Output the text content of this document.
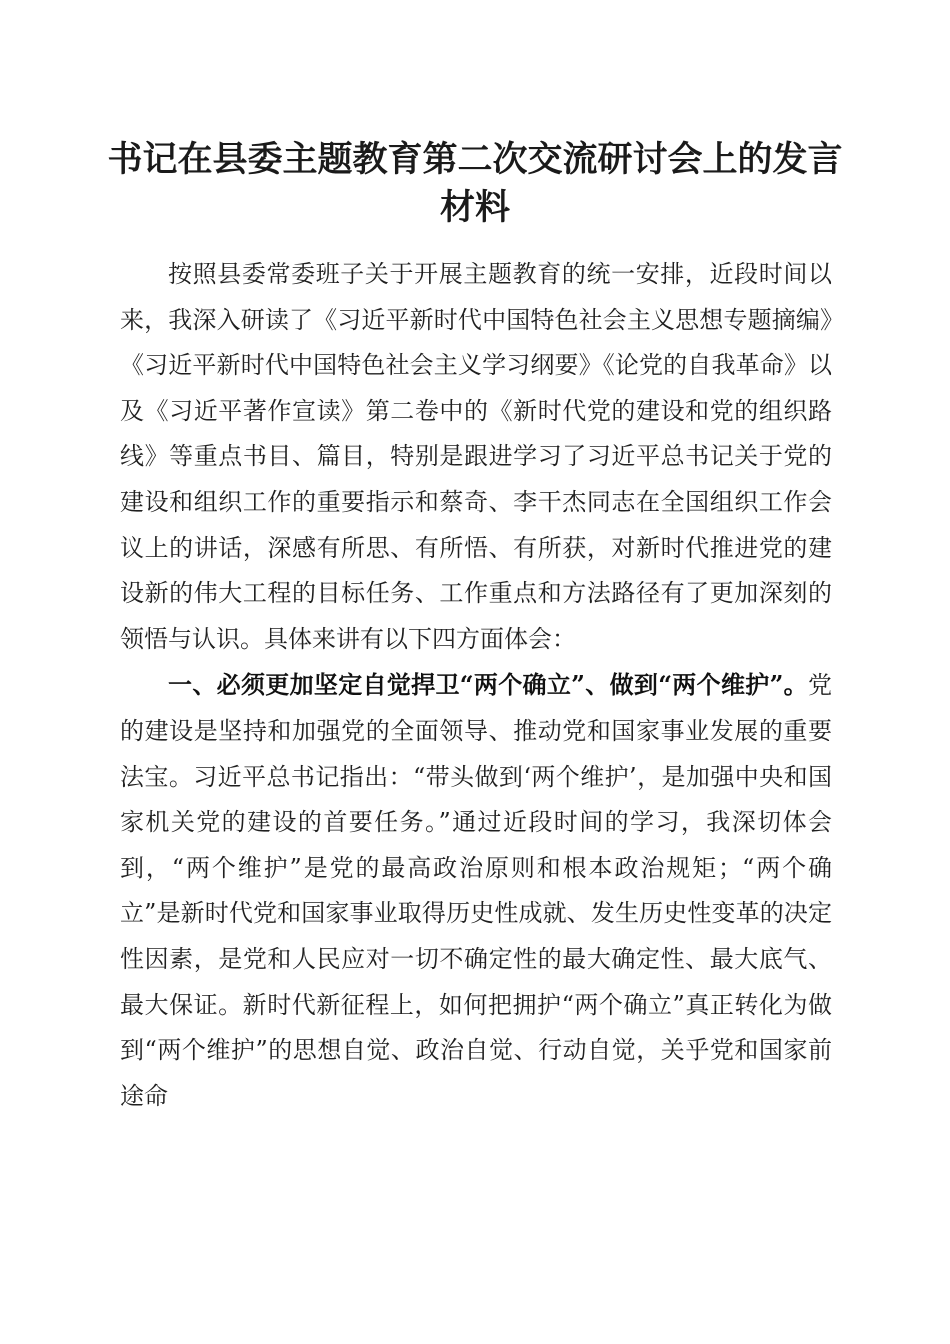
书记在县委主题教育第二次交流研讨会上的发言材料

按照县委常委班子关于开展主题教育的统一安排，近段时间以来，我深入研读了《习近平新时代中国特色社会主义思想专题摘编》《习近平新时代中国特色社会主义学习纲要》《论党的自我革命》以及《习近平著作宣读》第二卷中的《新时代党的建设和党的组织路线》等重点书目、篇目，特别是跟进学习了习近平总书记关于党的建设和组织工作的重要指示和蔡奇、李干杰同志在全国组织工作会议上的讲话，深感有所思、有所悟、有所获，对新时代推进党的建设新的伟大工程的目标任务、工作重点和方法路径有了更加深刻的领悟与认识。具体来讲有以下四方面体会：

一、必须更加坚定自觉捍卫“两个确立”、做到“两个维护”。党的建设是坚持和加强党的全面领导、推动党和国家事业发展的重要法宝。习近平总书记指出：“带头做到‘两个维护’，是加强中央和国家机关党的建设的首要任务。”通过近段时间的学习，我深切体会到，“两个维护”是党的最高政治原则和根本政治规矩；“两个确立”是新时代党和国家事业取得历史性成就、发生历史性变革的决定性因素，是党和人民应对一切不确定性的最大确定性、最大底气、最大保证。新时代新征程上，如何把拥护“两个确立”真正转化为做到“两个维护”的思想自觉、政治自觉、行动自觉，关乎党和国家前途命
